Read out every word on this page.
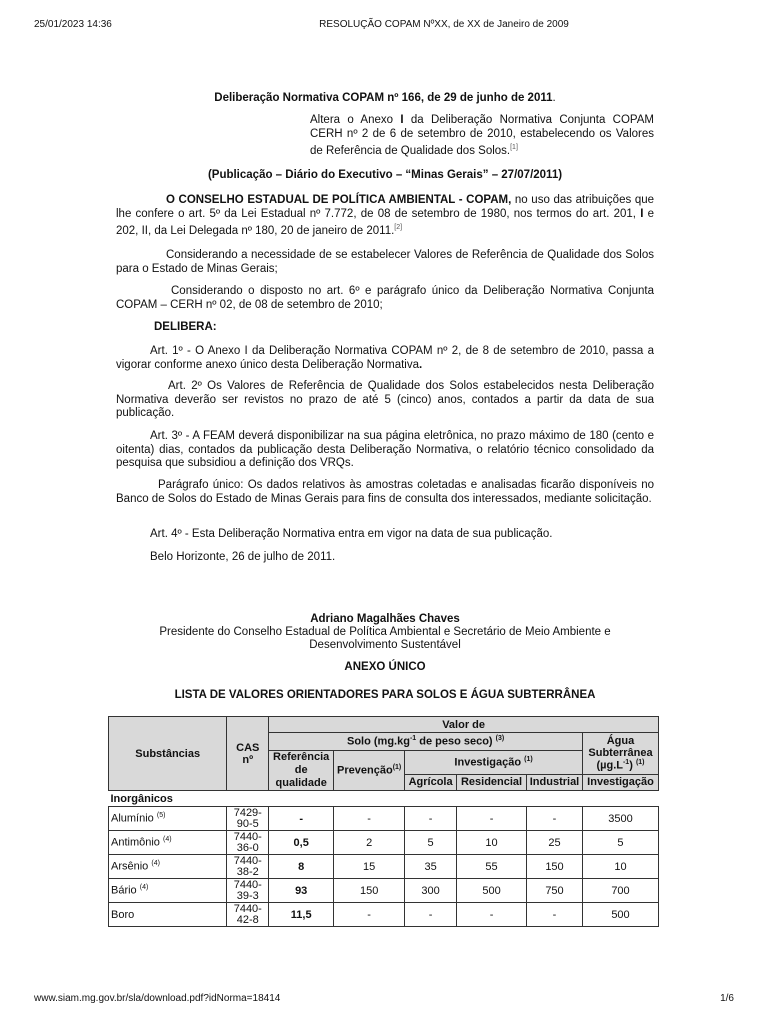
25/01/2023 14:36	RESOLUÇÃO COPAM NºXX, de XX de Janeiro de 2009
Deliberação Normativa COPAM nº 166, de 29 de junho de 2011.
Altera o Anexo I da Deliberação Normativa Conjunta COPAM CERH nº 2 de 6 de setembro de 2010, estabelecendo os Valores de Referência de Qualidade dos Solos.[1]
(Publicação – Diário do Executivo – “Minas Gerais” – 27/07/2011)
O CONSELHO ESTADUAL DE POLÍTICA AMBIENTAL - COPAM, no uso das atribuições que lhe confere o art. 5º da Lei Estadual nº 7.772, de 08 de setembro de 1980, nos termos do art. 201, I e 202, II, da Lei Delegada nº 180, 20 de janeiro de 2011.[2]
Considerando a necessidade de se estabelecer Valores de Referência de Qualidade dos Solos para o Estado de Minas Gerais;
Considerando o disposto no art. 6º e parágrafo único da Deliberação Normativa Conjunta COPAM – CERH nº 02, de 08 de setembro de 2010;
DELIBERA:
Art. 1º - O Anexo I da Deliberação Normativa COPAM nº 2, de 8 de setembro de 2010, passa a vigorar conforme anexo único desta Deliberação Normativa.
Art. 2º Os Valores de Referência de Qualidade dos Solos estabelecidos nesta Deliberação Normativa deverão ser revistos no prazo de até 5 (cinco) anos, contados a partir da data de sua publicação.
Art. 3º - A FEAM deverá disponibilizar na sua página eletrônica, no prazo máximo de 180 (cento e oitenta) dias, contados da publicação desta Deliberação Normativa, o relatório técnico consolidado da pesquisa que subsidiou a definição dos VRQs.
Parágrafo único: Os dados relativos às amostras coletadas e analisadas ficarão disponíveis no Banco de Solos do Estado de Minas Gerais para fins de consulta dos interessados, mediante solicitação.
Art. 4º - Esta Deliberação Normativa entra em vigor na data de sua publicação.
Belo Horizonte, 26 de julho de 2011.
Adriano Magalhães Chaves
Presidente do Conselho Estadual de Política Ambiental e Secretário de Meio Ambiente e Desenvolvimento Sustentável
ANEXO ÚNICO
LISTA DE VALORES ORIENTADORES PARA SOLOS E ÁGUA SUBTERRÂNEA
Substâncias	CAS nº	Valor de					
		Solo ($mg.kg^{-1}$ de peso seco) $^{(3)}$					Água Subterrânea $(\mu g.L^{-1})$ $^{(1)}$
		Referência de qualidade	Prevenção$^{(1)}$	Investigação $^{(1)}$
				Agrícola	Residencial	Industrial	Investigação
Inorgânicos							
Alumínio $^{(5)}$	7429-90-5	-	-	-	-	-	3500
Antimônio $^{(4)}$	7440-36-0	0,5	2	5	10	25	5
Arsênio $^{(4)}$	7440-38-2	8	15	35	55	150	10
Bário $^{(4)}$	7440-39-3	93	150	300	500	750	700
Boro	7440-42-8	11,5	-	-	-	-	500
www.siam.mg.gov.br/sla/download.pdf?idNorma=18414	1/6
